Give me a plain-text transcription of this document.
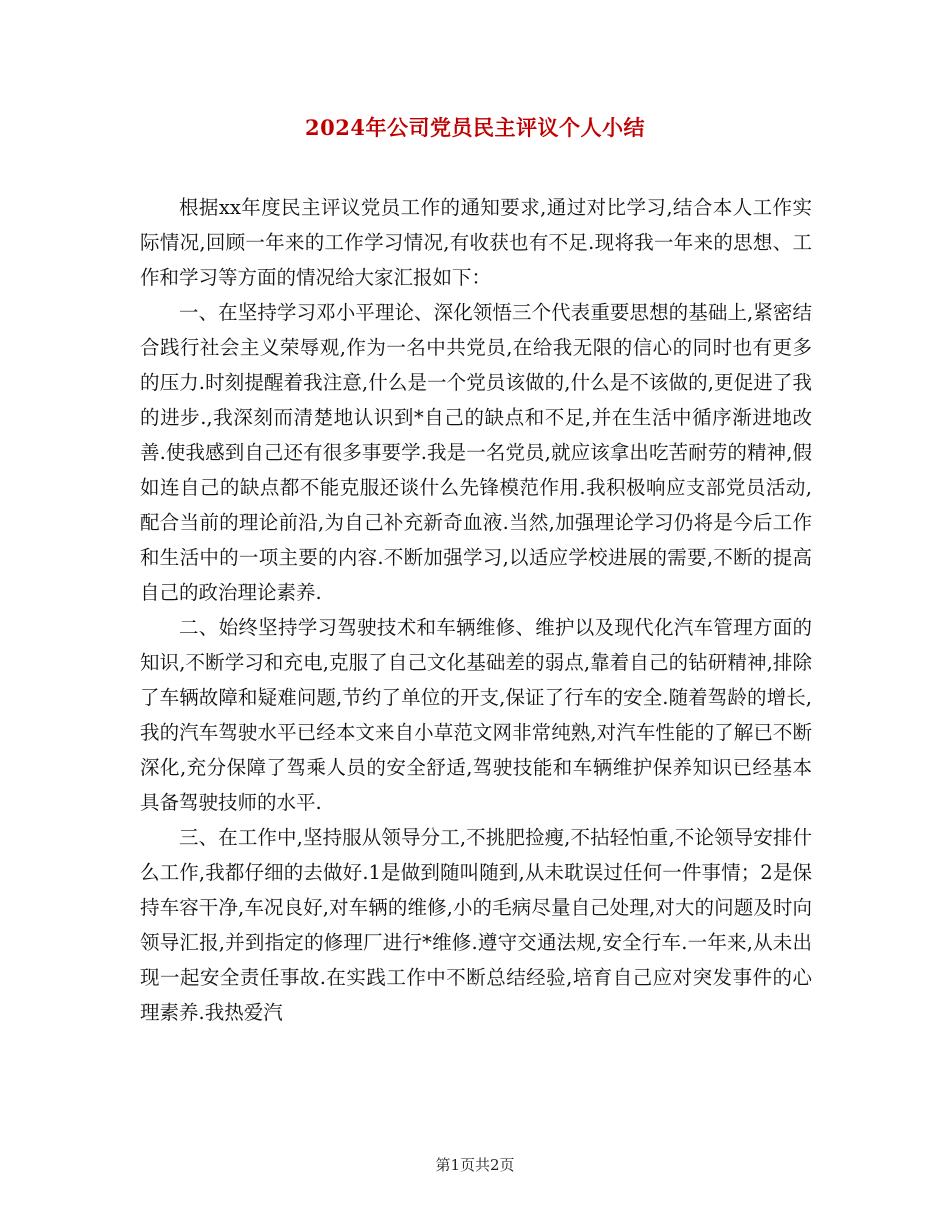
2024年公司党员民主评议个人小结

根据xx年度民主评议党员工作的通知要求,通过对比学习,结合本人工作实际情况,回顾一年来的工作学习情况,有收获也有不足.现将我一年来的思想、工作和学习等方面的情况给大家汇报如下：

一、在坚持学习邓小平理论、深化领悟三个代表重要思想的基础上,紧密结合践行社会主义荣辱观,作为一名中共党员,在给我无限的信心的同时也有更多的压力.时刻提醒着我注意,什么是一个党员该做的,什么是不该做的,更促进了我的进步.,我深刻而清楚地认识到*自己的缺点和不足,并在生活中循序渐进地改善.使我感到自己还有很多事要学.我是一名党员,就应该拿出吃苦耐劳的精神,假如连自己的缺点都不能克服还谈什么先锋模范作用.我积极响应支部党员活动,配合当前的理论前沿,为自己补充新奇血液.当然,加强理论学习仍将是今后工作和生活中的一项主要的内容.不断加强学习,以适应学校进展的需要,不断的提高自己的政治理论素养.

二、始终坚持学习驾驶技术和车辆维修、维护以及现代化汽车管理方面的知识,不断学习和充电,克服了自己文化基础差的弱点,靠着自己的钻研精神,排除了车辆故障和疑难问题,节约了单位的开支,保证了行车的安全.随着驾龄的增长,我的汽车驾驶水平已经本文来自小草范文网非常纯熟,对汽车性能的了解已不断深化,充分保障了驾乘人员的安全舒适,驾驶技能和车辆维护保养知识已经基本具备驾驶技师的水平.

三、在工作中,坚持服从领导分工,不挑肥捡瘦,不拈轻怕重,不论领导安排什么工作,我都仔细的去做好.1是做到随叫随到,从未耽误过任何一件事情；2是保持车容干净,车况良好,对车辆的维修,小的毛病尽量自己处理,对大的问题及时向领导汇报,并到指定的修理厂进行*维修.遵守交通法规,安全行车.一年来,从未出现一起安全责任事故.在实践工作中不断总结经验,培育自己应对突发事件的心理素养.我热爱汽

第1页共2页
